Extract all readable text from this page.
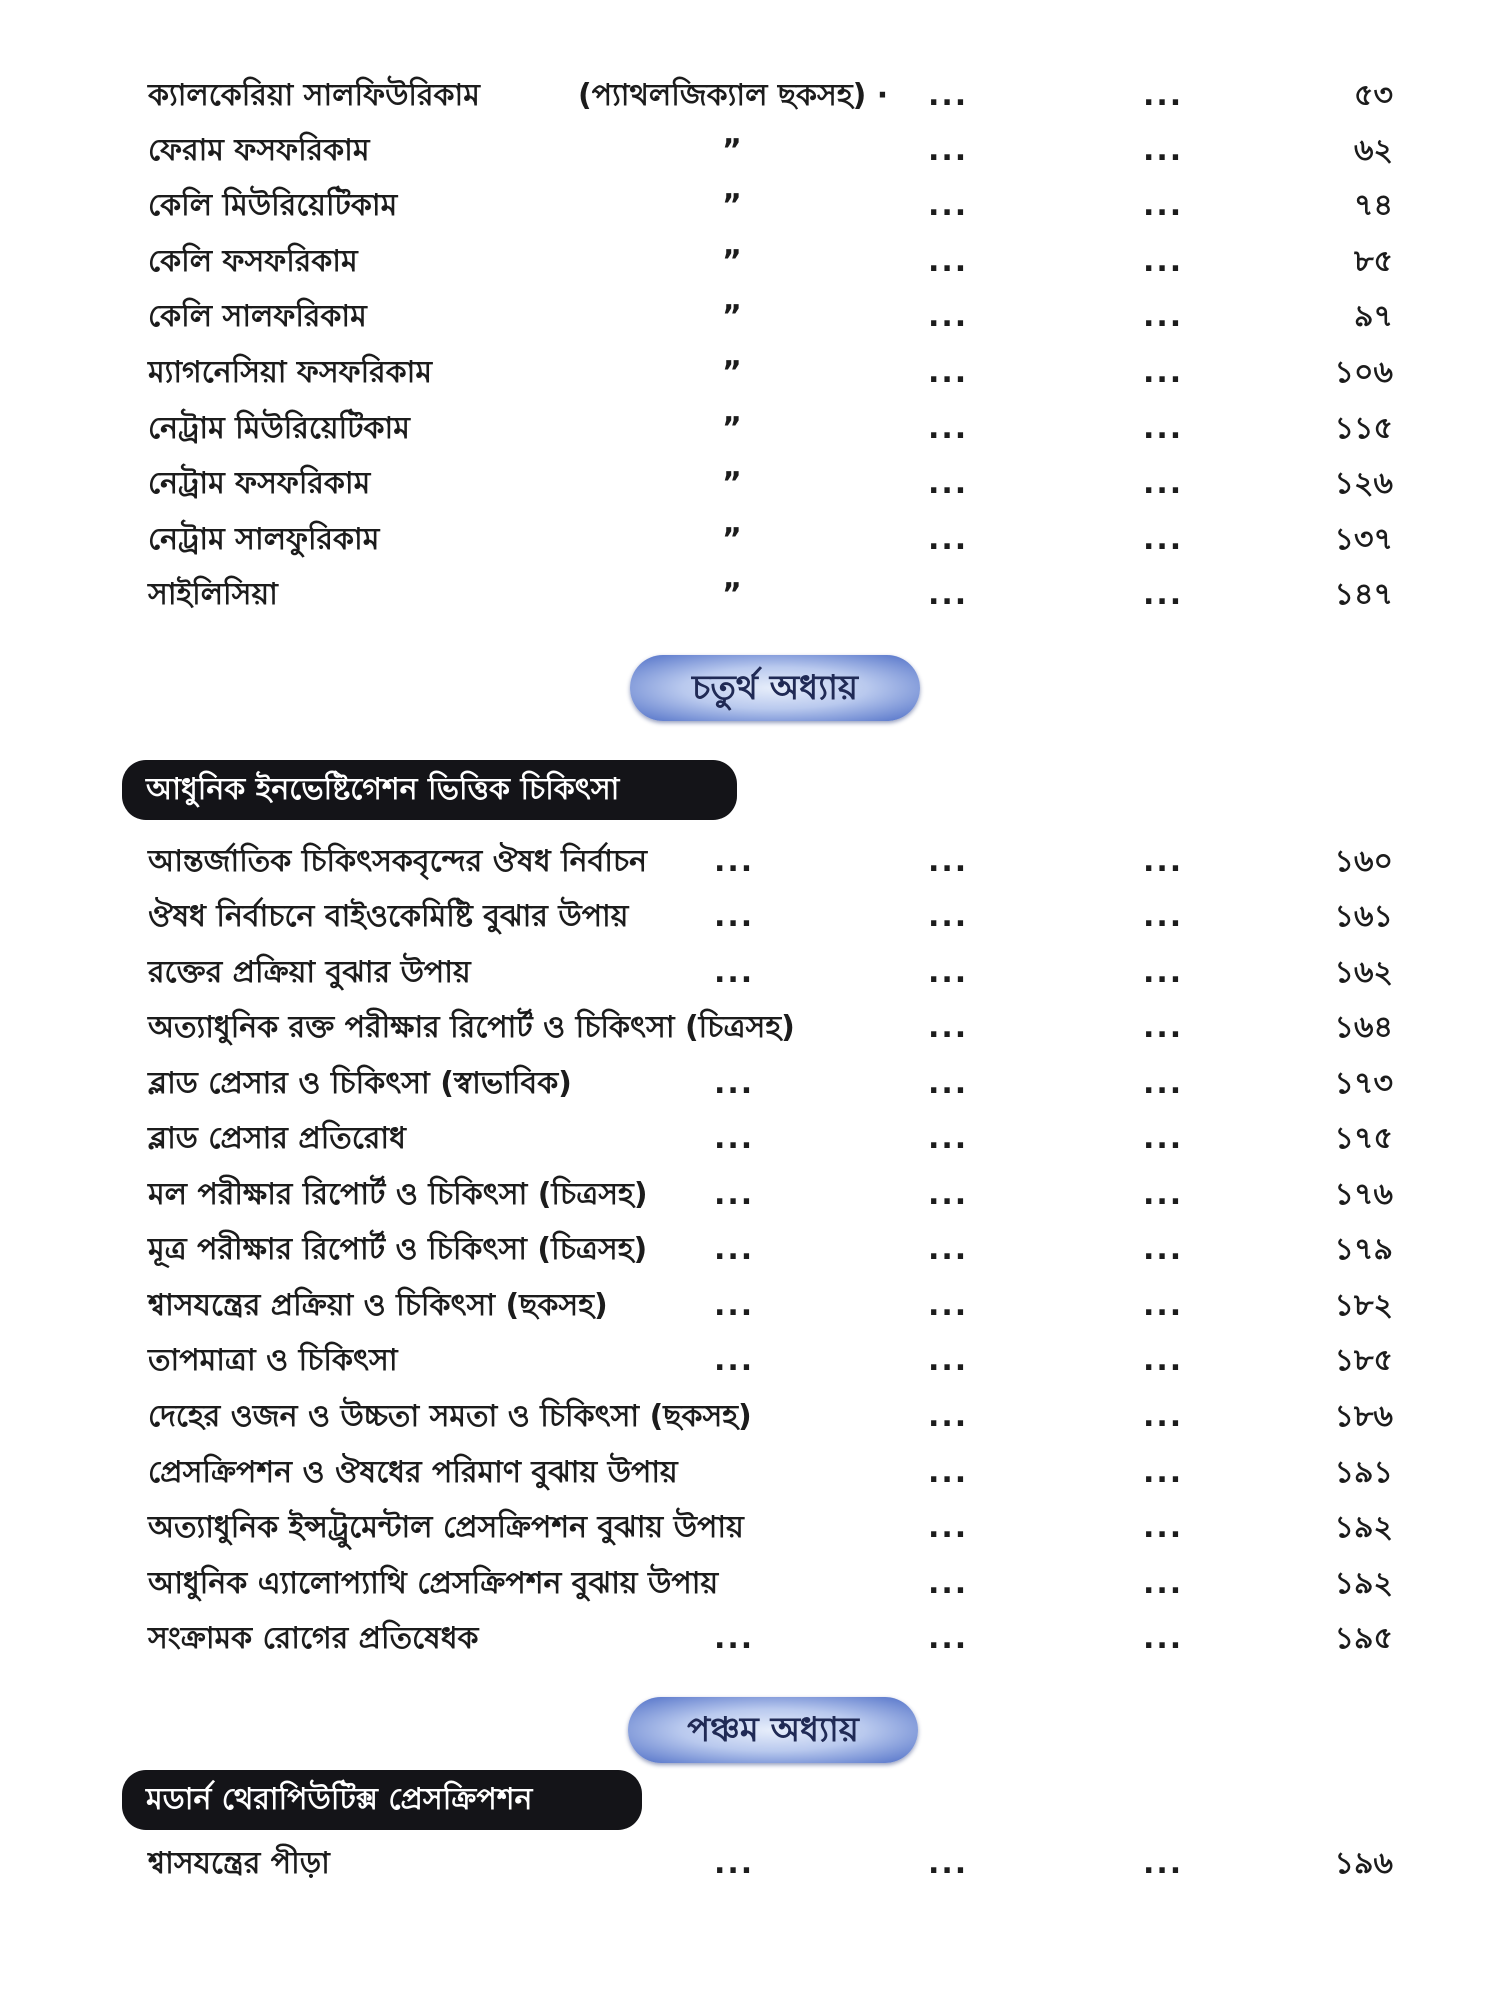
ক্যালকেরিয়া সালফিউরিকাম	(প্যাথলজিক্যাল ছকসহ) · ...	...	৫৩
ফেরাম ফসফরিকাম	”	...	...	৬২
কেলি মিউরিয়েটিকাম	”	...	...	৭৪
কেলি ফসফরিকাম	”	...	...	৮৫
কেলি সালফরিকাম	”	...	...	৯৭
ম্যাগনেসিয়া ফসফরিকাম	”	...	...	১০৬
নেট্রাম মিউরিয়েটিকাম	”	...	...	১১৫
নেট্রাম ফসফরিকাম	”	...	...	১২৬
নেট্রাম সালফুরিকাম	”	...	...	১৩৭
সাইলিসিয়া	”	...	...	১৪৭
চতুর্থ অধ্যায়
আধুনিক ইনভেষ্টিগেশন ভিত্তিক চিকিৎসা
আন্তর্জাতিক চিকিৎসকবৃন্দের ঔষধ নির্বাচন ...	...	...	১৬০
ঔষধ নির্বাচনে বাইওকেমিষ্টি বুঝার উপায়	...	...	...	১৬১
রক্তের প্রক্রিয়া বুঝার উপায়	...	...	...	১৬২
অত্যাধুনিক রক্ত পরীক্ষার রিপোর্ট ও চিকিৎসা (চিত্রসহ)	...	...	১৬৪
ব্লাড প্রেসার ও চিকিৎসা (স্বাভাবিক)	...	...	...	১৭৩
ব্লাড প্রেসার প্রতিরোধ	...	...	...	১৭৫
মল পরীক্ষার রিপোর্ট ও চিকিৎসা (চিত্রসহ) ...	...	...	১৭৬
মূত্র পরীক্ষার রিপোর্ট ও চিকিৎসা (চিত্রসহ) ...	...	...	১৭৯
শ্বাসযন্ত্রের প্রক্রিয়া ও চিকিৎসা (ছকসহ)	...	...	...	১৮২
তাপমাত্রা ও চিকিৎসা	...	...	...	১৮৫
দেহের ওজন ও উচ্চতা সমতা ও চিকিৎসা (ছকসহ)	...	...	১৮৬
প্রেসক্রিপশন ও ঔষধের পরিমাণ বুঝায় উপায়	...	...	১৯১
অত্যাধুনিক ইন্সট্রুমেন্টাল প্রেসক্রিপশন বুঝায় উপায়	...	...	১৯২
আধুনিক এ্যালোপ্যাথি প্রেসক্রিপশন বুঝায় উপায়	...	...	১৯২
সংক্রামক রোগের প্রতিষেধক	...	...	...	১৯৫
পঞ্চম অধ্যায়
মডার্ন থেরাপিউটিক্স প্রেসক্রিপশন
শ্বাসযন্ত্রের পীড়া	...	...	...	১৯৬
